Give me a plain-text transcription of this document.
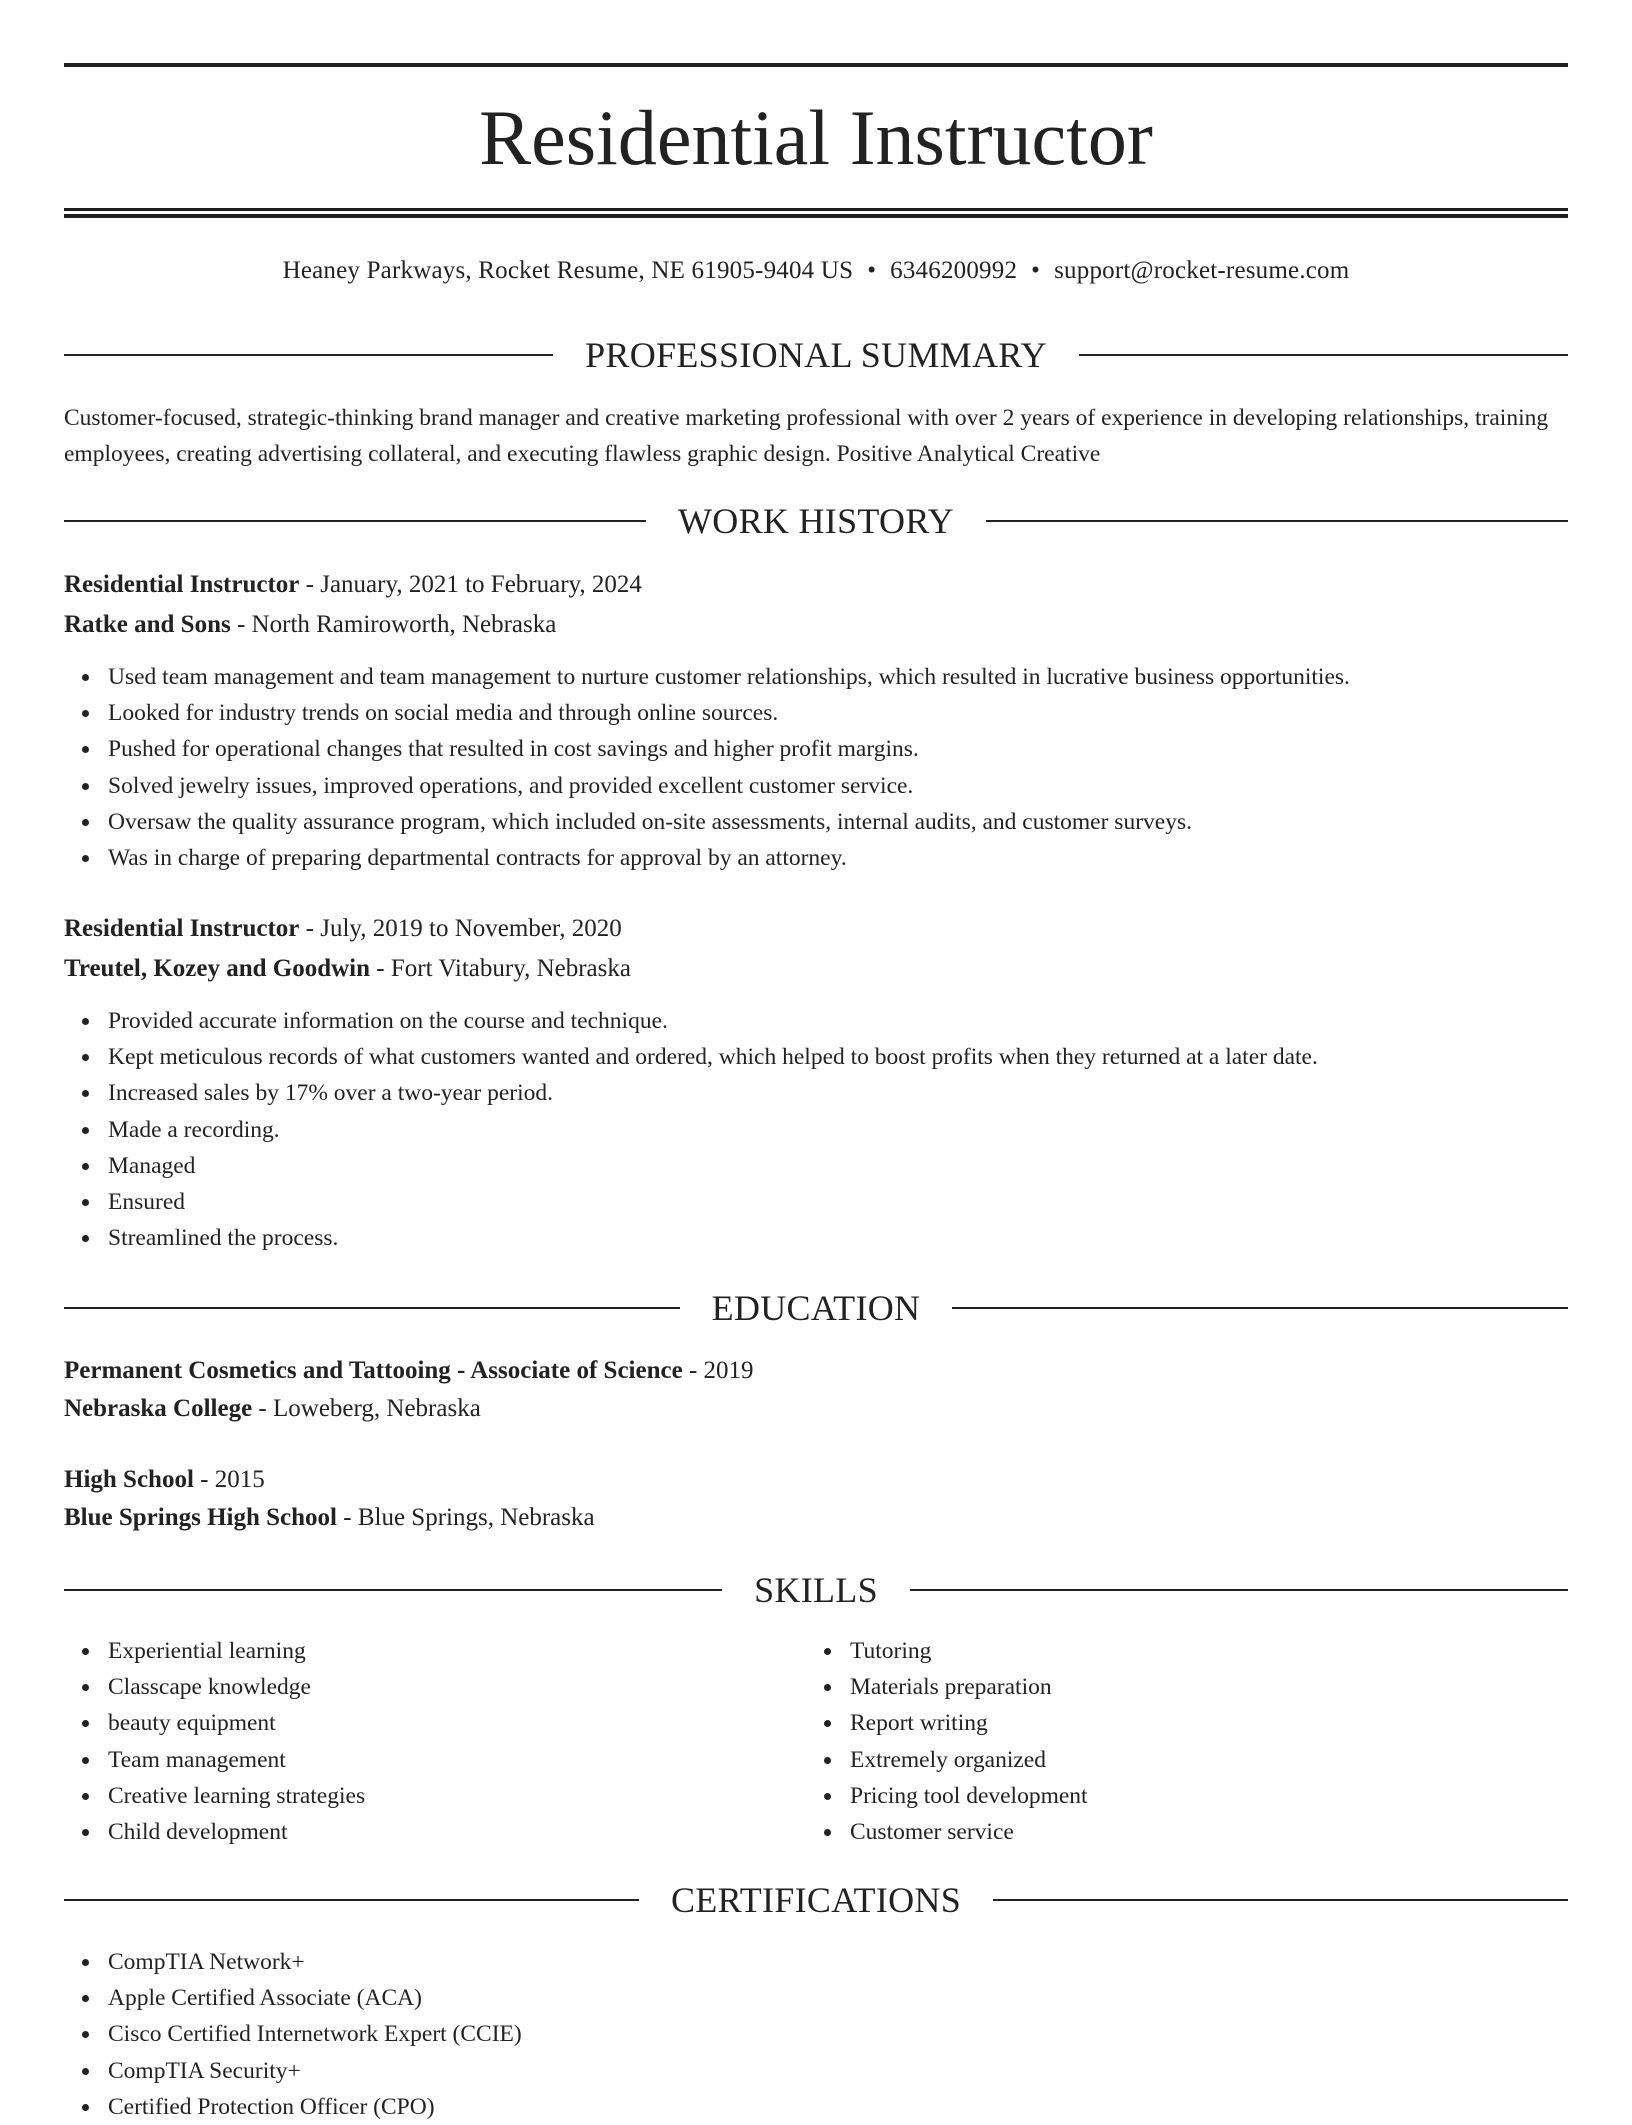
Residential Instructor
Heaney Parkways, Rocket Resume, NE 61905-9404 US • 6346200992 • support@rocket-resume.com
PROFESSIONAL SUMMARY
Customer-focused, strategic-thinking brand manager and creative marketing professional with over 2 years of experience in developing relationships, training employees, creating advertising collateral, and executing flawless graphic design. Positive Analytical Creative
WORK HISTORY
Residential Instructor - January, 2021 to February, 2024
Ratke and Sons - North Ramiroworth, Nebraska
Used team management and team management to nurture customer relationships, which resulted in lucrative business opportunities.
Looked for industry trends on social media and through online sources.
Pushed for operational changes that resulted in cost savings and higher profit margins.
Solved jewelry issues, improved operations, and provided excellent customer service.
Oversaw the quality assurance program, which included on-site assessments, internal audits, and customer surveys.
Was in charge of preparing departmental contracts for approval by an attorney.
Residential Instructor - July, 2019 to November, 2020
Treutel, Kozey and Goodwin - Fort Vitabury, Nebraska
Provided accurate information on the course and technique.
Kept meticulous records of what customers wanted and ordered, which helped to boost profits when they returned at a later date.
Increased sales by 17% over a two-year period.
Made a recording.
Managed
Ensured
Streamlined the process.
EDUCATION
Permanent Cosmetics and Tattooing - Associate of Science - 2019
Nebraska College - Loweberg, Nebraska
High School - 2015
Blue Springs High School - Blue Springs, Nebraska
SKILLS
Experiential learning
Classcape knowledge
beauty equipment
Team management
Creative learning strategies
Child development
Tutoring
Materials preparation
Report writing
Extremely organized
Pricing tool development
Customer service
CERTIFICATIONS
CompTIA Network+
Apple Certified Associate (ACA)
Cisco Certified Internetwork Expert (CCIE)
CompTIA Security+
Certified Protection Officer (CPO)
